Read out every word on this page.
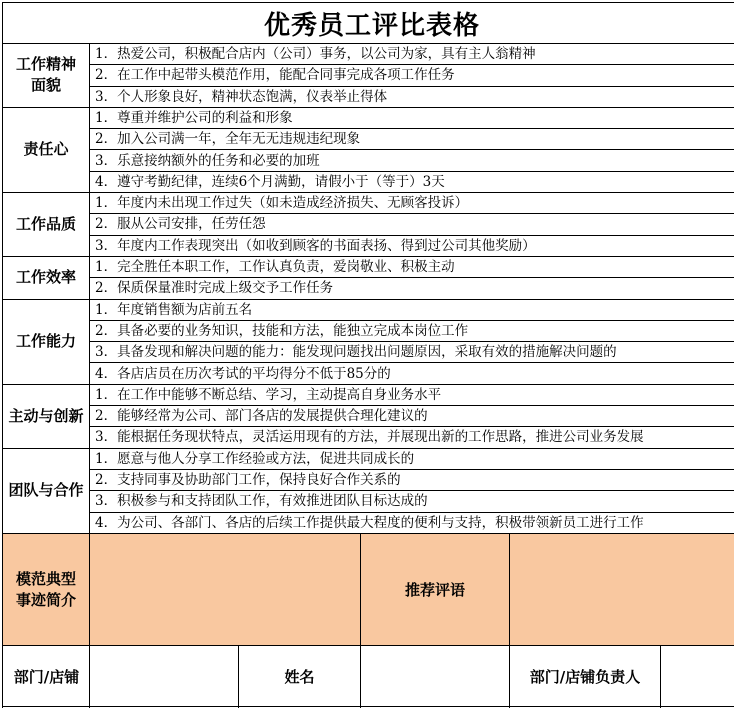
优秀员工评比表格
工作精神
面貌
1．热爱公司，积极配合店内（公司）事务，以公司为家，具有主人翁精神
2．在工作中起带头模范作用，能配合同事完成各项工作任务
3．个人形象良好，精神状态饱满，仪表举止得体
责任心
1．尊重并维护公司的利益和形象
2．加入公司满一年，全年无无违规违纪现象
3．乐意接纳额外的任务和必要的加班
4．遵守考勤纪律，连续6个月满勤，请假小于（等于）3天
工作品质
1．年度内未出现工作过失（如未造成经济损失、无顾客投诉）
2．服从公司安排，任劳任怨
3．年度内工作表现突出（如收到顾客的书面表扬、得到过公司其他奖励）
工作效率
1．完全胜任本职工作，工作认真负责，爱岗敬业、积极主动
2．保质保量准时完成上级交予工作任务
工作能力
1．年度销售额为店前五名
2．具备必要的业务知识，技能和方法，能独立完成本岗位工作
3．具备发现和解决问题的能力：能发现问题找出问题原因，采取有效的措施解决问题的
4．各店店员在历次考试的平均得分不低于85分的
主动与创新
1．在工作中能够不断总结、学习，主动提高自身业务水平
2．能够经常为公司、部门各店的发展提供合理化建议的
3．能根据任务现状特点，灵活运用现有的方法，并展现出新的工作思路，推进公司业务发展
团队与合作
1．愿意与他人分享工作经验或方法，促进共同成长的
2．支持同事及协助部门工作，保持良好合作关系的
3．积极参与和支持团队工作，有效推进团队目标达成的
4．为公司、各部门、各店的后续工作提供最大程度的便利与支持，积极带领新员工进行工作
模范典型
事迹简介
推荐评语
部门/店铺	姓名	部门/店铺负责人
